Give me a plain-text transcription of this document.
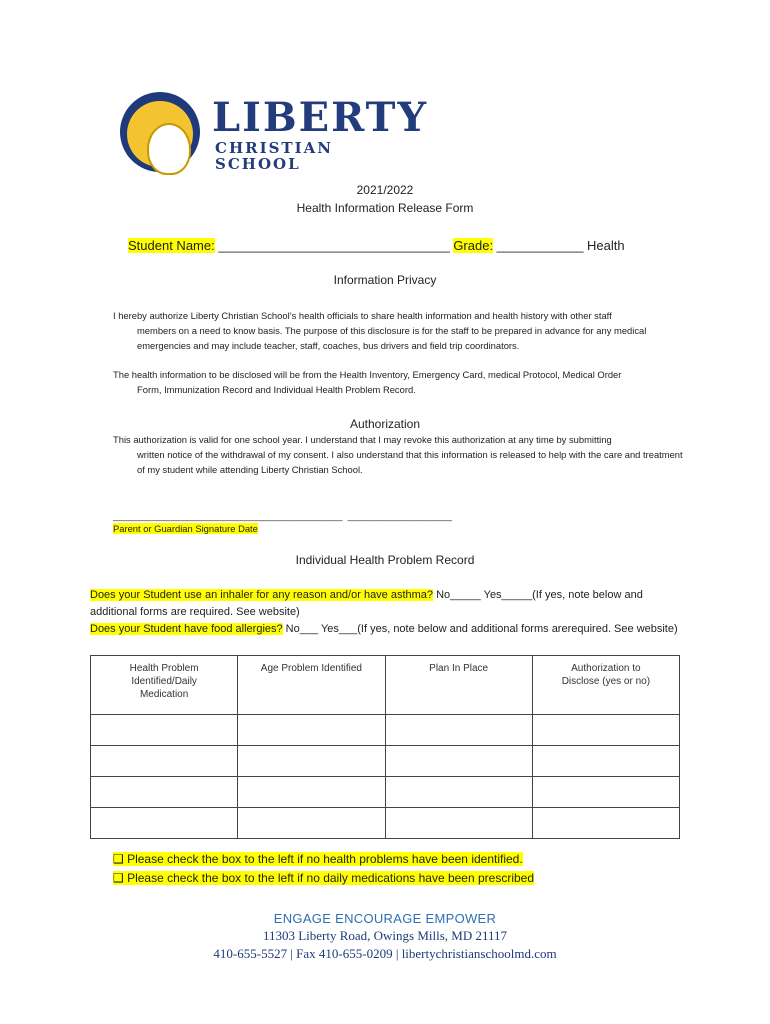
LIBERTY
CHRISTIAN SCHOOL
2021/2022
Health Information Release Form
Student Name: ________________________________ Grade: ____________ Health
Information Privacy
I hereby authorize Liberty Christian School’s health officials to share health information and health history with other staff
members on a need to know basis. The purpose of this disclosure is for the staff to be prepared in advance for any medical emergencies and may include teacher, staff, coaches, bus drivers and field trip coordinators.
The health information to be disclosed will be from the Health Inventory, Emergency Card, medical Protocol, Medical Order
Form, Immunization Record and Individual Health Problem Record.
Authorization
This authorization is valid for one school year. I understand that I may revoke this authorization at any time by submitting
written notice of the withdrawal of my consent. I also understand that this information is released to help with the care and treatment of my student while attending Liberty Christian School.
____________________________________________  ____________________
Parent or Guardian Signature Date
Individual Health Problem Record
Does your Student use an inhaler for any reason and/or have asthma? No_____ Yes_____(If yes, note below and additional forms are required. See website)
Does your Student have food allergies? No___ Yes___(If yes, note below and additional forms arerequired. See website)
Health Problem Identified/Daily Medication	Age Problem Identified	Plan In Place	Authorization to Disclose (yes or no)

❑ Please check the box to the left if no health problems have been identified.
❑ Please check the box to the left if no daily medications have been prescribed
ENGAGE ENCOURAGE EMPOWER
11303 Liberty Road, Owings Mills, MD 21117
410-655-5527 | Fax 410-655-0209 | libertychristianschoolmd.com
